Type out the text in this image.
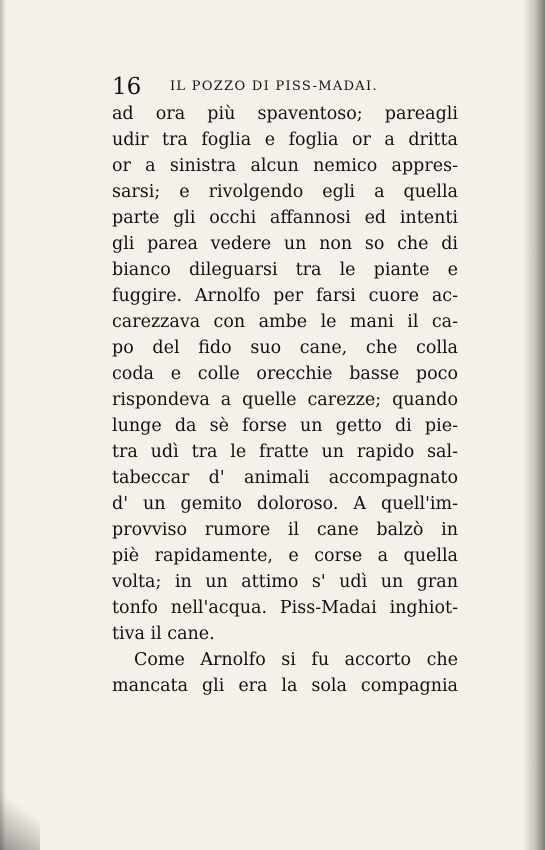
16 IL POZZO DI PISS-MADAI.
ad ora più spaventoso; pareagli
udir tra foglia e foglia or a dritta
or a sinistra alcun nemico appres-
sarsi; e rivolgendo egli a quella
parte gli occhi affannosi ed intenti
gli parea vedere un non so che di
bianco dileguarsi tra le piante e
fuggire. Arnolfo per farsi cuore ac-
carezzava con ambe le mani il ca-
po del fido suo cane, che colla
coda e colle orecchie basse poco
rispondeva a quelle carezze; quando
lunge da sè forse un getto di pie-
tra udì tra le fratte un rapido sal-
tabeccar d' animali accompagnato
d' un gemito doloroso. A quell'im-
provviso rumore il cane balzò in
piè rapidamente, e corse a quella
volta; in un attimo s' udì un gran
tonfo nell'acqua. Piss-Madai inghiot-
tiva il cane.
Come Arnolfo si fu accorto che
mancata gli era la sola compagnia
